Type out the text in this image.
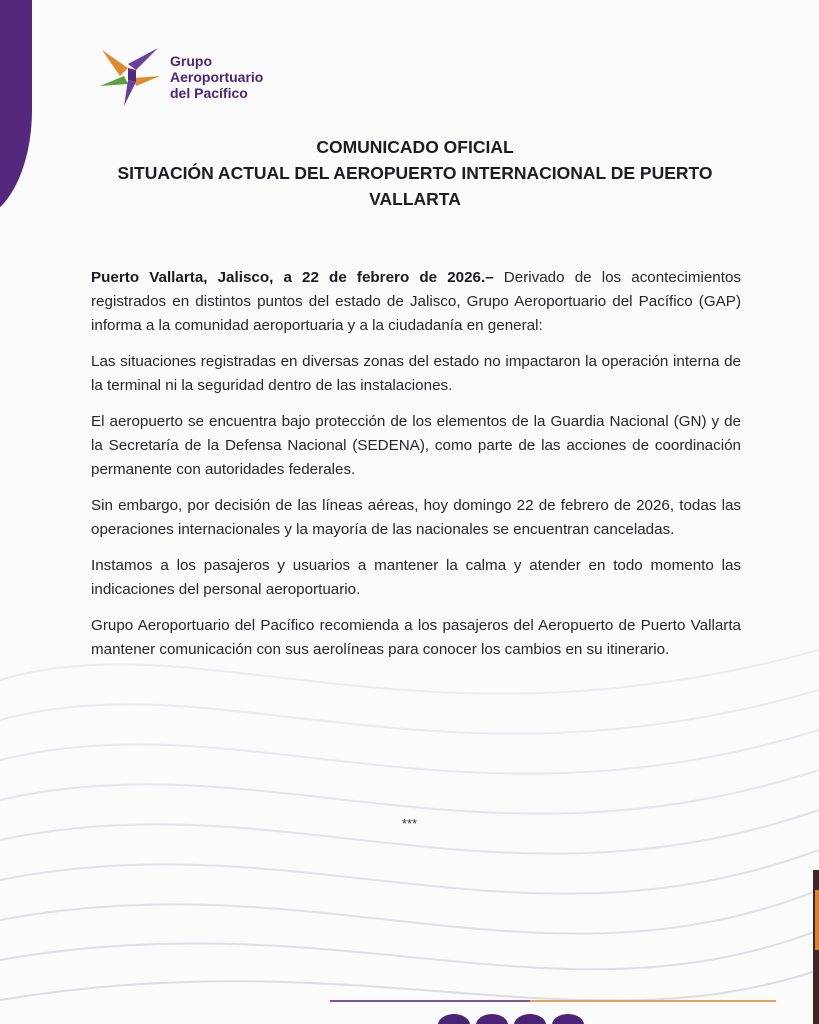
Grupo
Aeroportuario
del Pacífico
COMUNICADO OFICIAL
SITUACIÓN ACTUAL DEL AEROPUERTO INTERNACIONAL DE PUERTO
VALLARTA

Puerto Vallarta, Jalisco, a 22 de febrero de 2026.– Derivado de los acontecimientos registrados en distintos puntos del estado de Jalisco, Grupo Aeroportuario del Pacífico (GAP) informa a la comunidad aeroportuaria y a la ciudadanía en general:

Las situaciones registradas en diversas zonas del estado no impactaron la operación interna de la terminal ni la seguridad dentro de las instalaciones.

El aeropuerto se encuentra bajo protección de los elementos de la Guardia Nacional (GN) y de la Secretaría de la Defensa Nacional (SEDENA), como parte de las acciones de coordinación permanente con autoridades federales.

Sin embargo, por decisión de las líneas aéreas, hoy domingo 22 de febrero de 2026, todas las operaciones internacionales y la mayoría de las nacionales se encuentran canceladas.

Instamos a los pasajeros y usuarios a mantener la calma y atender en todo momento las indicaciones del personal aeroportuario.

Grupo Aeroportuario del Pacífico recomienda a los pasajeros del Aeropuerto de Puerto Vallarta mantener comunicación con sus aerolíneas para conocer los cambios en su itinerario.

***
